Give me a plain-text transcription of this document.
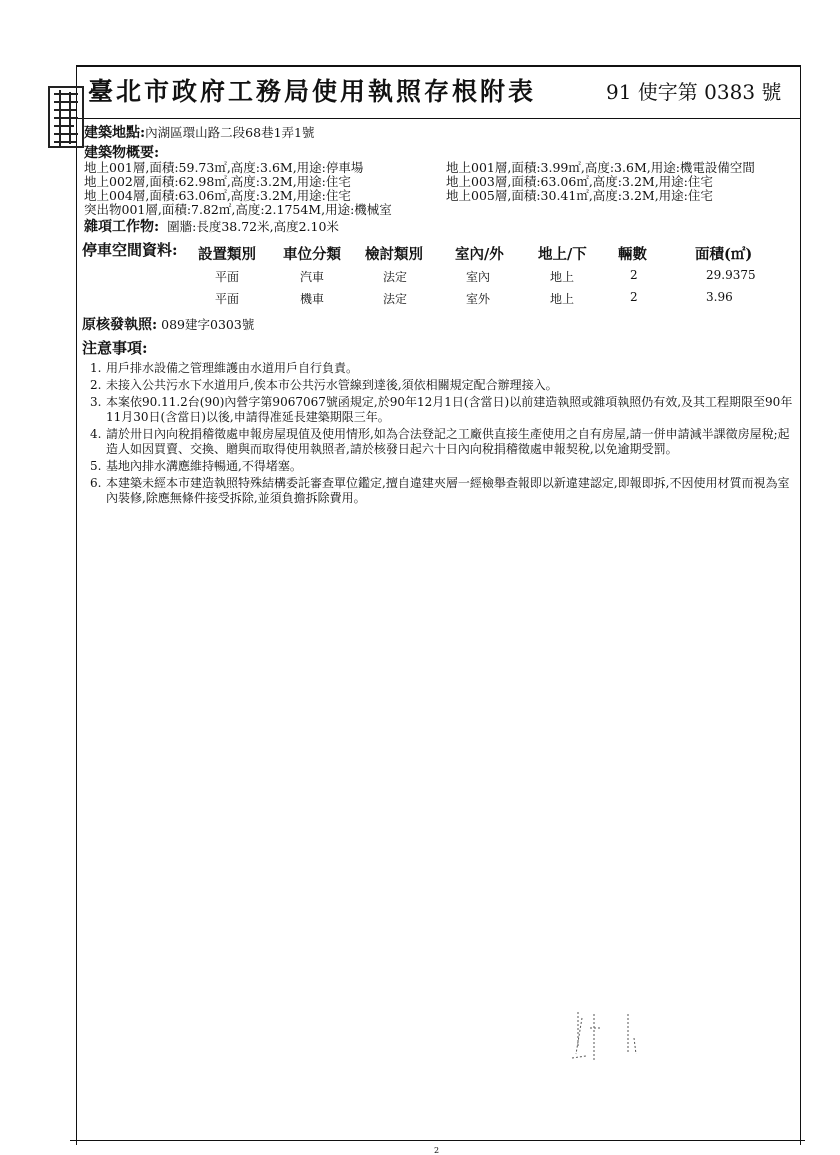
臺北市政府工務局使用執照存根附表	91 使字第 0383 號
建築地點:內湖區環山路二段68巷1弄1號
建築物概要:
地上001層,面積:59.73㎡,高度:3.6M,用途:停車場
地上002層,面積:62.98㎡,高度:3.2M,用途:住宅
地上004層,面積:63.06㎡,高度:3.2M,用途:住宅
突出物001層,面積:7.82㎡,高度:2.1754M,用途:機械室
地上001層,面積:3.99㎡,高度:3.6M,用途:機電設備空間
地上003層,面積:63.06㎡,高度:3.2M,用途:住宅
地上005層,面積:30.41㎡,高度:3.2M,用途:住宅
雜項工作物: 圍牆:長度38.72米,高度2.10米
停車空間資料: 設置類別 車位分類 檢討類別 室內/外 地上/下 輛數	面積(㎡)
平面	汽車	法定	室內	地上	2	29.9375
平面	機車	法定	室外	地上	2	3.96
原核發執照: 089建字0303號
注意事項:
1. 用戶排水設備之管理維護由水道用戶自行負責。
2. 未接入公共污水下水道用戶,俟本市公共污水管線到達後,須依相關規定配合辦理接入。
3. 本案依90.11.2台(90)內營字第9067067號函規定,於90年12月1日(含當日)以前建造執照或雜項執照仍有效,及其工程期限至90年11月30日(含當日)以後,申請得准延長建築期限三年。
4. 請於卅日內向稅捐稽徵處申報房屋現值及使用情形,如為合法登記之工廠供直接生產使用之自有房屋,請一併申請減半課徵房屋稅;起造人如因買賣、交換、贈與而取得使用執照者,請於核發日起六十日內向稅捐稽徵處申報契稅,以免逾期受罰。
5. 基地內排水溝應維持暢通,不得堵塞。
6. 本建築未經本市建造執照特殊結構委託審查單位鑑定,擅自違建夾層一經檢舉查報即以新違建認定,即報即拆,不因使用材質而視為室內裝修,除應無條件接受拆除,並須負擔拆除費用。
2
